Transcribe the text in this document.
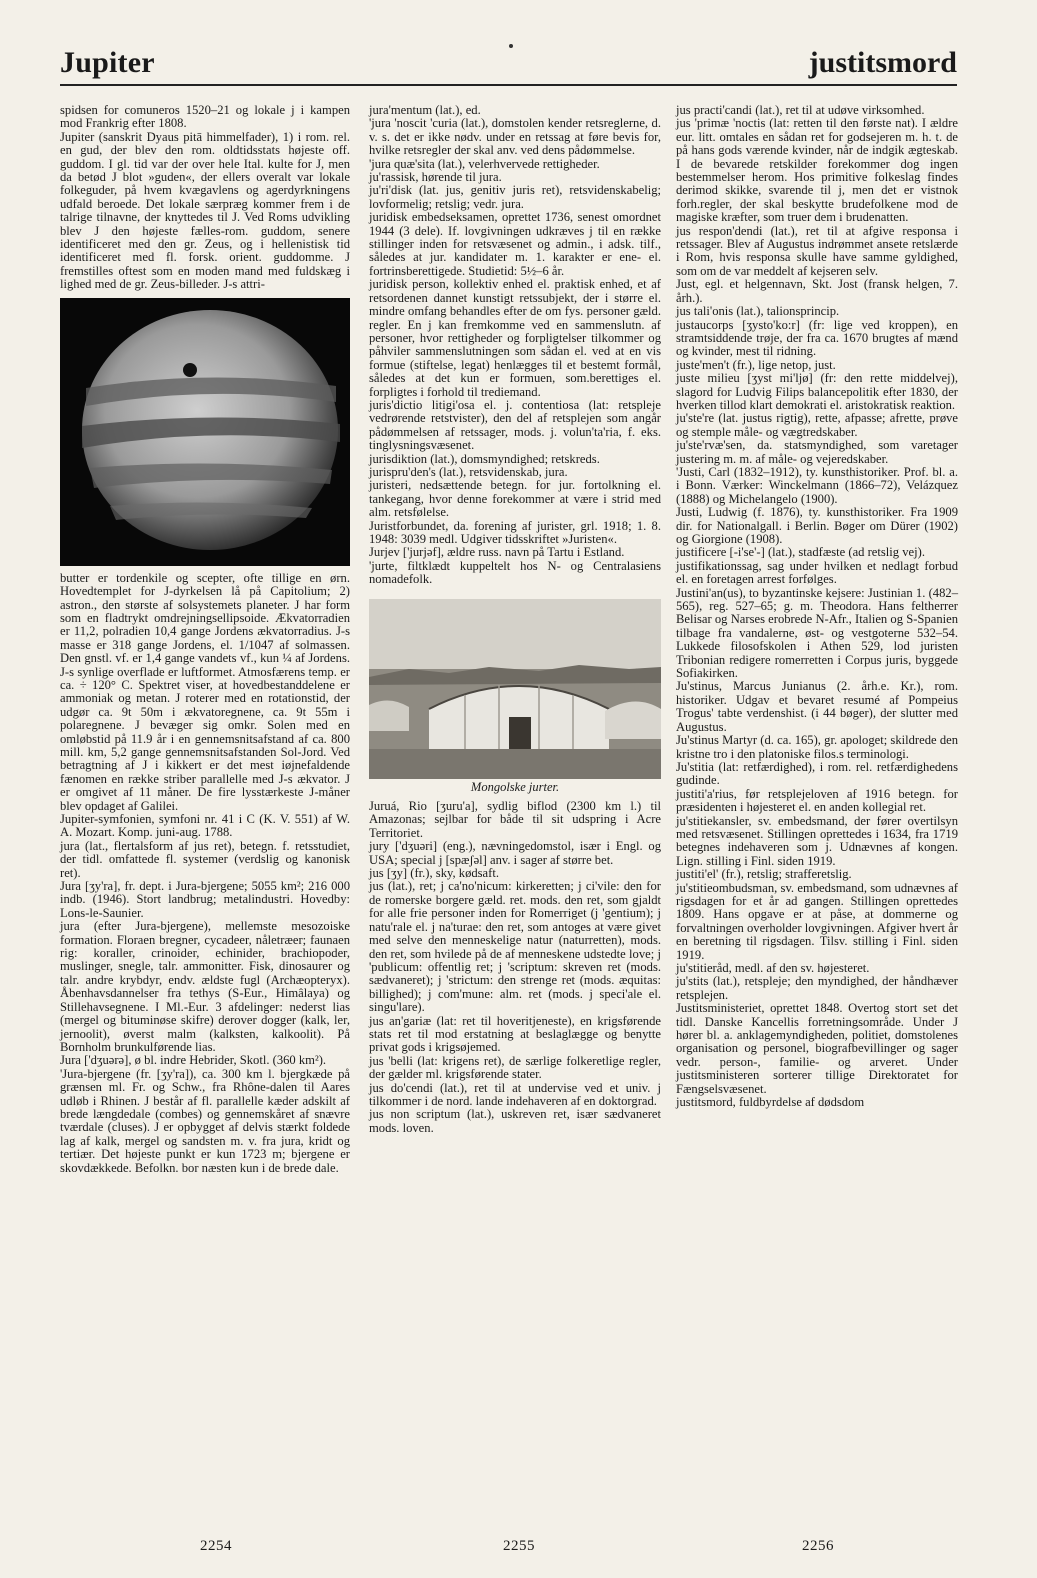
Jupiter	justitsmord

spidsen for comuneros 1520–21 og lokale j i kampen mod Frankrig efter 1808.

Jupiter (sanskrit Dyaus pitā himmelfader), 1) i rom. rel. en gud, der blev den rom. oldtidsstats højeste off. guddom. I gl. tid var der over hele Ital. kulte for J, men da betød J blot »guden«, der ellers overalt var lokale folkeguder, på hvem kvægavlens og agerdyrkningens udfald beroede. Det lokale særpræg kommer frem i de talrige tilnavne, der knyttedes til J. Ved Roms udvikling blev J den højeste fælles-rom. guddom, senere identificeret med den gr. Zeus, og i hellenistisk tid identificeret med fl. forsk. orient. guddomme. J fremstilles oftest som en moden mand med fuldskæg i lighed med de gr. Zeus-billeder. J-s attri-

butter er tordenkile og scepter, ofte tillige en ørn. Hovedtemplet for J-dyrkelsen lå på Capitolium; 2) astron., den største af solsystemets planeter. J har form som en fladtrykt omdrejningsellipsoide. Ækvatorradien er 11,2, polradien 10,4 gange Jordens ækvatorradius. J-s masse er 318 gange Jordens, el. 1/1047 af solmassen. Den gnstl. vf. er 1,4 gange vandets vf., kun ¼ af Jordens. J-s synlige overflade er luftformet. Atmosfærens temp. er ca. ÷ 120° C. Spektret viser, at hovedbestanddelene er ammoniak og metan. J roterer med en rotationstid, der udgør ca. 9t 50m i ækvatoregnene, ca. 9t 55m i polaregnene. J bevæger sig omkr. Solen med en omløbstid på 11.9 år i en gennemsnitsafstand af ca. 800 mill. km, 5,2 gange gennemsnitsafstanden Sol-Jord. Ved betragtning af J i kikkert er det mest iøjnefaldende fænomen en række striber parallelle med J-s ækvator. J er omgivet af 11 måner. De fire lysstærkeste J-måner blev opdaget af Galilei.

Jupiter-symfonien, symfoni nr. 41 i C (K. V. 551) af W. A. Mozart. Komp. juni-aug. 1788.

jura (lat., flertalsform af jus ret), betegn. f. retsstudiet, der tidl. omfattede fl. systemer (verdslig og kanonisk ret).

Jura [ʒy'ra], fr. dept. i Jura-bjergene; 5055 km²; 216 000 indb. (1946). Stort landbrug; metalindustri. Hovedby: Lons-le-Saunier.

jura (efter Jura-bjergene), mellemste mesozoiske formation. Floraen bregner, cycadeer, nåletræer; faunaen rig: koraller, crinoider, echinider, brachiopoder, muslinger, snegle, talr. ammonitter. Fisk, dinosaurer og talr. andre krybdyr, endv. ældste fugl (Archæopteryx). Åbenhavsdannelser fra tethys (S-Eur., Himâlaya) og Stillehavsegnene. I Ml.-Eur. 3 afdelinger: nederst lias (mergel og bituminøse skifre) derover dogger (kalk, ler, jernoolit), øverst malm (kalksten, kalkoolit). På Bornholm brunkulførende lias.

Jura ['dʒuərə], ø bl. indre Hebrider, Skotl. (360 km²).

'Jura-bjergene (fr. [ʒy'ra]), ca. 300 km l. bjergkæde på grænsen ml. Fr. og Schw., fra Rhône-dalen til Aares udløb i Rhinen. J består af fl. parallelle kæder adskilt af brede længdedale (combes) og gennemskåret af snævre tværdale (cluses). J er opbygget af delvis stærkt foldede lag af kalk, mergel og sandsten m. v. fra jura, kridt og tertiær. Det højeste punkt er kun 1723 m; bjergene er skovdækkede. Befolkn. bor næsten kun i de brede dale.

jura'mentum (lat.), ed.

'jura 'noscit 'curia (lat.), domstolen kender retsreglerne, d. v. s. det er ikke nødv. under en retssag at føre bevis for, hvilke retsregler der skal anv. ved dens pådømmelse.

'jura quæ'sita (lat.), velerhvervede rettigheder.

ju'rassisk, hørende til jura.

ju'ri'disk (lat. jus, genitiv juris ret), retsvidenskabelig; lovformelig; retslig; vedr. jura.

juridisk embedseksamen, oprettet 1736, senest omordnet 1944 (3 dele). If. lovgivningen udkræves j til en række stillinger inden for retsvæsenet og admin., i adsk. tilf., således at jur. kandidater m. 1. karakter er ene- el. fortrinsberettigede. Studietid: 5½–6 år.

juridisk person, kollektiv enhed el. praktisk enhed, et af retsordenen dannet kunstigt retssubjekt, der i større el. mindre omfang behandles efter de om fys. personer gæld. regler. En j kan fremkomme ved en sammenslutn. af personer, hvor rettigheder og forpligtelser tilkommer og påhviler sammenslutningen som sådan el. ved at en vis formue (stiftelse, legat) henlægges til et bestemt formål, således at det kun er formuen, som.berettiges el. forpligtes i forhold til trediemand.

juris'dictio litigi'osa el. j. contentiosa (lat: retspleje vedrørende retstvister), den del af retsplejen som angår pådømmelsen af retssager, mods. j. volun'ta'ria, f. eks. tinglysningsvæsenet.

jurisdiktion (lat.), domsmyndighed; retskreds.

jurispru'den's (lat.), retsvidenskab, jura.

juristeri, nedsættende betegn. for jur. fortolkning el. tankegang, hvor denne forekommer at være i strid med alm. retsfølelse.

Juristforbundet, da. forening af jurister, grl. 1918; 1. 8. 1948: 3039 medl. Udgiver tidsskriftet »Juristen«.

Jurjev ['jurjəf], ældre russ. navn på Tartu i Estland.

'jurte, filtklædt kuppeltelt hos N- og Centralasiens nomadefolk.

Mongolske jurter.

Juruá, Rio [ʒuru'a], sydlig biflod (2300 km l.) til Amazonas; sejlbar for både til sit udspring i Acre Territoriet.

jury ['dʒuəri] (eng.), nævningedomstol, især i Engl. og USA; special j [spæʃəl] anv. i sager af større bet.

jus [ʒy] (fr.), sky, kødsaft.

jus (lat.), ret; j ca'no'nicum: kirkeretten; j ci'vile: den for de romerske borgere gæld. ret. mods. den ret, som gjaldt for alle frie personer inden for Romerriget (j 'gentium); j natu'rale el. j na'turae: den ret, som antoges at være givet med selve den menneskelige natur (naturretten), mods. den ret, som hvilede på de af menneskene udstedte love; j 'publicum: offentlig ret; j 'scriptum: skreven ret (mods. sædvaneret); j 'strictum: den strenge ret (mods. æquitas: billighed); j com'mune: alm. ret (mods. j speci'ale el. singu'lare).

jus an'gariæ (lat: ret til hoveritjeneste), en krigsførende stats ret til mod erstatning at beslaglægge og benytte privat gods i krigsøjemed.

jus 'belli (lat: krigens ret), de særlige folkeretlige regler, der gælder ml. krigsførende stater.

jus do'cendi (lat.), ret til at undervise ved et univ. j tilkommer i de nord. lande indehaveren af en doktorgrad.

jus non scriptum (lat.), uskreven ret, især sædvaneret mods. loven.

jus practi'candi (lat.), ret til at udøve virksomhed.

jus 'primæ 'noctis (lat: retten til den første nat). I ældre eur. litt. omtales en sådan ret for godsejeren m. h. t. de på hans gods værende kvinder, når de indgik ægteskab. I de bevarede retskilder forekommer dog ingen bestemmelser herom. Hos primitive folkeslag findes derimod skikke, svarende til j, men det er vistnok forh.regler, der skal beskytte brudefolkene mod de magiske kræfter, som truer dem i brudenatten.

jus respon'dendi (lat.), ret til at afgive responsa i retssager. Blev af Augustus indrømmet ansete retslærde i Rom, hvis responsa skulle have samme gyldighed, som om de var meddelt af kejseren selv.

Just, egl. et helgennavn, Skt. Jost (fransk helgen, 7. årh.).

jus tali'onis (lat.), talionsprincip.

justaucorps [ʒysto'ko:r] (fr: lige ved kroppen), en stramtsiddende trøje, der fra ca. 1670 brugtes af mænd og kvinder, mest til ridning.

juste'men't (fr.), lige netop, just.

juste milieu [ʒyst mi'ljø] (fr: den rette middelvej), slagord for Ludvig Filips balancepolitik efter 1830, der hverken tillod klart demokrati el. aristokratisk reaktion.

ju'ste're (lat. justus rigtig), rette, afpasse; afrette, prøve og stemple måle- og vægtredskaber.

ju'ste'rvæ'sen, da. statsmyndighed, som varetager justering m. m. af måle- og vejeredskaber.

'Justi, Carl (1832–1912), ty. kunsthistoriker. Prof. bl. a. i Bonn. Værker: Winckelmann (1866–72), Velázquez (1888) og Michelangelo (1900).

Justi, Ludwig (f. 1876), ty. kunsthistoriker. Fra 1909 dir. for Nationalgall. i Berlin. Bøger om Dürer (1902) og Giorgione (1908).

justificere [-i'se'-] (lat.), stadfæste (ad retslig vej).

justifikationssag, sag under hvilken et nedlagt forbud el. en foretagen arrest forfølges.

Justini'an(us), to byzantinske kejsere: Justinian 1. (482–565), reg. 527–65; g. m. Theodora. Hans feltherrer Belisar og Narses erobrede N-Afr., Italien og S-Spanien tilbage fra vandalerne, øst- og vestgoterne 532–54. Lukkede filosofskolen i Athen 529, lod juristen Tribonian redigere romerretten i Corpus juris, byggede Sofiakirken.

Ju'stinus, Marcus Junianus (2. årh.e. Kr.), rom. historiker. Udgav et bevaret resumé af Pompeius Trogus' tabte verdenshist. (i 44 bøger), der slutter med Augustus.

Ju'stinus Martyr (d. ca. 165), gr. apologet; skildrede den kristne tro i den platoniske filos.s terminologi.

Ju'stitia (lat: retfærdighed), i rom. rel. retfærdighedens gudinde.

justiti'a'rius, før retsplejeloven af 1916 betegn. for præsidenten i højesteret el. en anden kollegial ret.

ju'stitiekansler, sv. embedsmand, der fører overtilsyn med retsvæsenet. Stillingen oprettedes i 1634, fra 1719 betegnes indehaveren som j. Udnævnes af kongen. Lign. stilling i Finl. siden 1919.

justiti'el' (fr.), retslig; strafferetslig.

ju'stitieombudsman, sv. embedsmand, som udnævnes af rigsdagen for et år ad gangen. Stillingen oprettedes 1809. Hans opgave er at påse, at dommerne og forvaltningen overholder lovgivningen. Afgiver hvert år en beretning til rigsdagen. Tilsv. stilling i Finl. siden 1919.

ju'stitieråd, medl. af den sv. højesteret.

ju'stits (lat.), retspleje; den myndighed, der håndhæver retsplejen.

Justitsministeriet, oprettet 1848. Overtog stort set det tidl. Danske Kancellis forretningsområde. Under J hører bl. a. anklagemyndigheden, politiet, domstolenes organisation og personel, biografbevillinger og sager vedr. person-, familie- og arveret. Under justitsministeren sorterer tillige Direktoratet for Fængselsvæsenet.

justitsmord, fuldbyrdelse af dødsdom

2254	2255	2256
